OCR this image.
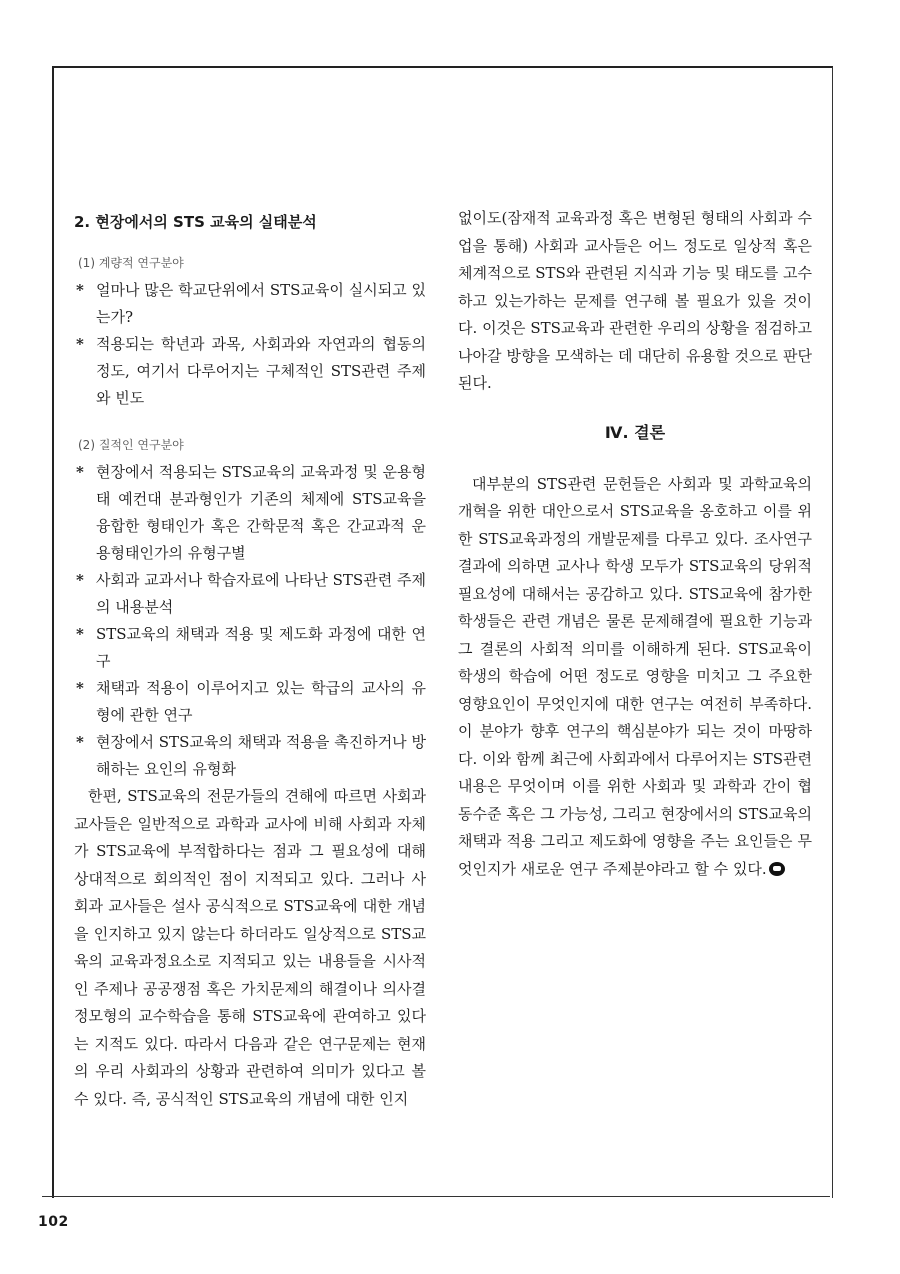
2. 현장에서의 STS 교육의 실태분석
(1) 계량적 연구분야
* 얼마나 많은 학교단위에서 STS교육이 실시되고 있는가?
* 적용되는 학년과 과목, 사회과와 자연과의 협동의 정도, 여기서 다루어지는 구체적인 STS관련 주제와 빈도
(2) 질적인 연구분야
* 현장에서 적용되는 STS교육의 교육과정 및 운용형태 예컨대 분과형인가 기존의 체제에 STS교육을 융합한 형태인가 혹은 간학문적 혹은 간교과적 운용형태인가의 유형구별
* 사회과 교과서나 학습자료에 나타난 STS관련 주제의 내용분석
* STS교육의 채택과 적용 및 제도화 과정에 대한 연구
* 채택과 적용이 이루어지고 있는 학급의 교사의 유형에 관한 연구
* 현장에서 STS교육의 채택과 적용을 촉진하거나 방해하는 요인의 유형화

한편, STS교육의 전문가들의 견해에 따르면 사회과 교사들은 일반적으로 과학과 교사에 비해 사회과 자체가 STS교육에 부적합하다는 점과 그 필요성에 대해 상대적으로 회의적인 점이 지적되고 있다. 그러나 사회과 교사들은 설사 공식적으로 STS교육에 대한 개념을 인지하고 있지 않는다 하더라도 일상적으로 STS교육의 교육과정요소로 지적되고 있는 내용들을 시사적인 주제나 공공쟁점 혹은 가치문제의 해결이나 의사결정모형의 교수학습을 통해 STS교육에 관여하고 있다는 지적도 있다. 따라서 다음과 같은 연구문제는 현재의 우리 사회과의 상황과 관련하여 의미가 있다고 볼 수 있다. 즉, 공식적인 STS교육의 개념에 대한 인지

없이도(잠재적 교육과정 혹은 변형된 형태의 사회과 수업을 통해) 사회과 교사들은 어느 정도로 일상적 혹은 체계적으로 STS와 관련된 지식과 기능 및 태도를 고수하고 있는가하는 문제를 연구해 볼 필요가 있을 것이다. 이것은 STS교육과 관련한 우리의 상황을 점검하고 나아갈 방향을 모색하는 데 대단히 유용할 것으로 판단된다.

Ⅳ. 결론

대부분의 STS관련 문헌들은 사회과 및 과학교육의 개혁을 위한 대안으로서 STS교육을 옹호하고 이를 위한 STS교육과정의 개발문제를 다루고 있다. 조사연구 결과에 의하면 교사나 학생 모두가 STS교육의 당위적 필요성에 대해서는 공감하고 있다. STS교육에 참가한 학생들은 관련 개념은 물론 문제해결에 필요한 기능과 그 결론의 사회적 의미를 이해하게 된다. STS교육이 학생의 학습에 어떤 정도로 영향을 미치고 그 주요한 영향요인이 무엇인지에 대한 연구는 여전히 부족하다. 이 분야가 향후 연구의 핵심분야가 되는 것이 마땅하다. 이와 함께 최근에 사회과에서 다루어지는 STS관련 내용은 무엇이며 이를 위한 사회과 및 과학과 간이 협동수준 혹은 그 가능성, 그리고 현장에서의 STS교육의 채택과 적용 그리고 제도화에 영향을 주는 요인들은 무엇인지가 새로운 연구 주제분야라고 할 수 있다.

102
